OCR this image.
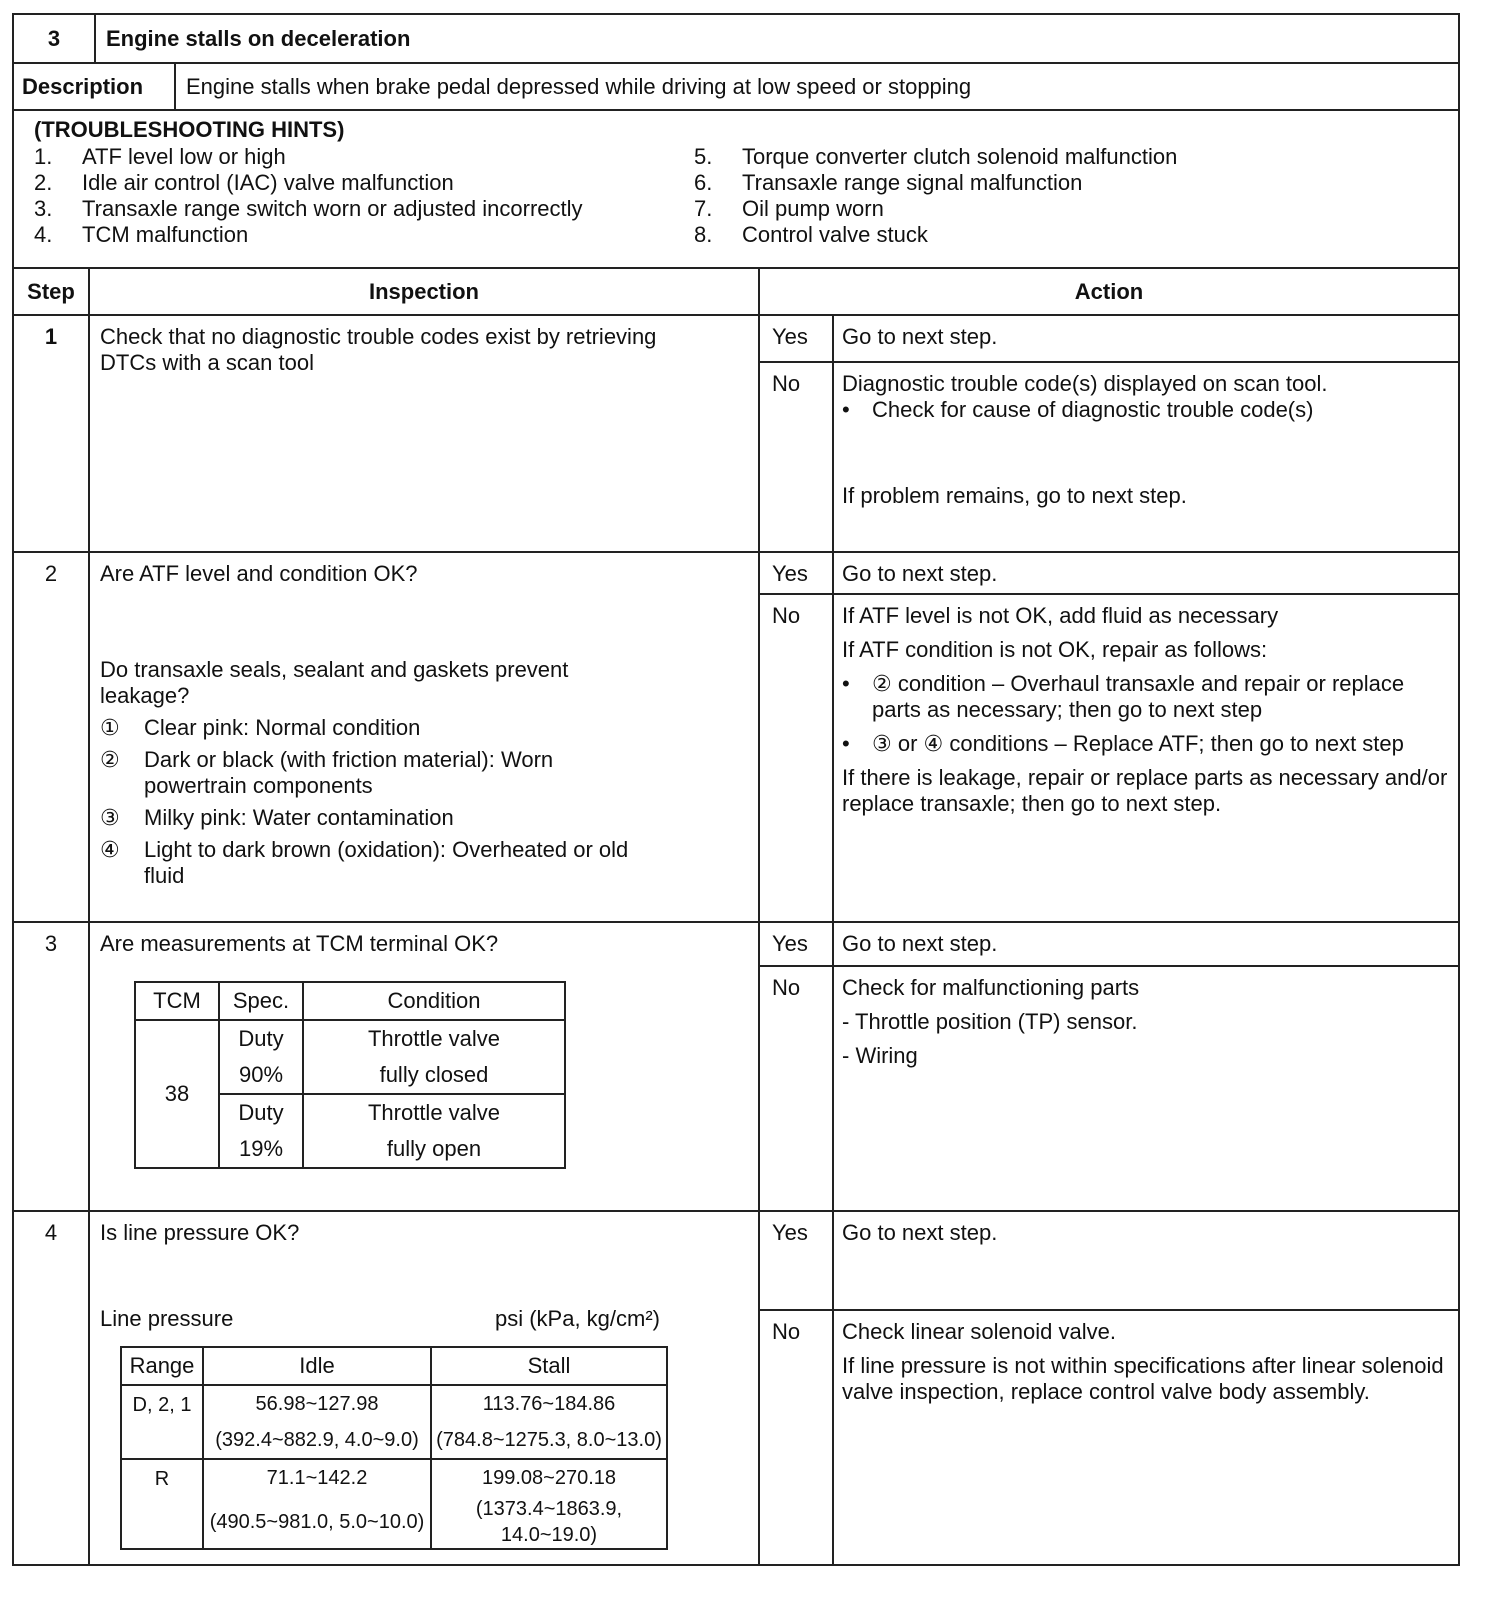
3	Engine stalls on deceleration
Description	Engine stalls when brake pedal depressed while driving at low speed or stopping
(TROUBLESHOOTING HINTS)
1.	ATF level low or high
2.	Idle air control (IAC) valve malfunction
3.	Transaxle range switch worn or adjusted incorrectly
4.	TCM malfunction
5.	Torque converter clutch solenoid malfunction
6.	Transaxle range signal malfunction
7.	Oil pump worn
8.	Control valve stuck
Step	Inspection	Action
1	Check that no diagnostic trouble codes exist by retrieving DTCs with a scan tool
Yes	Go to next step.
No	Diagnostic trouble code(s) displayed on scan tool.
•	Check for cause of diagnostic trouble code(s)
If problem remains, go to next step.
2	Are ATF level and condition OK?
Do transaxle seals, sealant and gaskets prevent leakage?
①	Clear pink: Normal condition
②	Dark or black (with friction material): Worn powertrain components
③	Milky pink: Water contamination
④	Light to dark brown (oxidation): Overheated or old fluid
Yes	Go to next step.
No	If ATF level is not OK, add fluid as necessary
If ATF condition is not OK, repair as follows:
•	② condition – Overhaul transaxle and repair or replace parts as necessary; then go to next step
•	③ or ④ conditions – Replace ATF; then go to next step
If there is leakage, repair or replace parts as necessary and/or replace transaxle; then go to next step.
3	Are measurements at TCM terminal OK?
TCM	Spec.	Condition
38	Duty	Throttle valve
	90%	fully closed
	Duty	Throttle valve
	19%	fully open
Yes	Go to next step.
No	Check for malfunctioning parts
- Throttle position (TP) sensor.
- Wiring
4	Is line pressure OK?
Line pressure	psi (kPa, kg/cm²)
Range	Idle	Stall
D, 2, 1	56.98~127.98	113.76~184.86
	(392.4~882.9, 4.0~9.0)	(784.8~1275.3, 8.0~13.0)
R	71.1~142.2	199.08~270.18
	(490.5~981.0, 5.0~10.0)	(1373.4~1863.9, 14.0~19.0)
Yes	Go to next step.
No	Check linear solenoid valve.
If line pressure is not within specifications after linear solenoid valve inspection, replace control valve body assembly.
